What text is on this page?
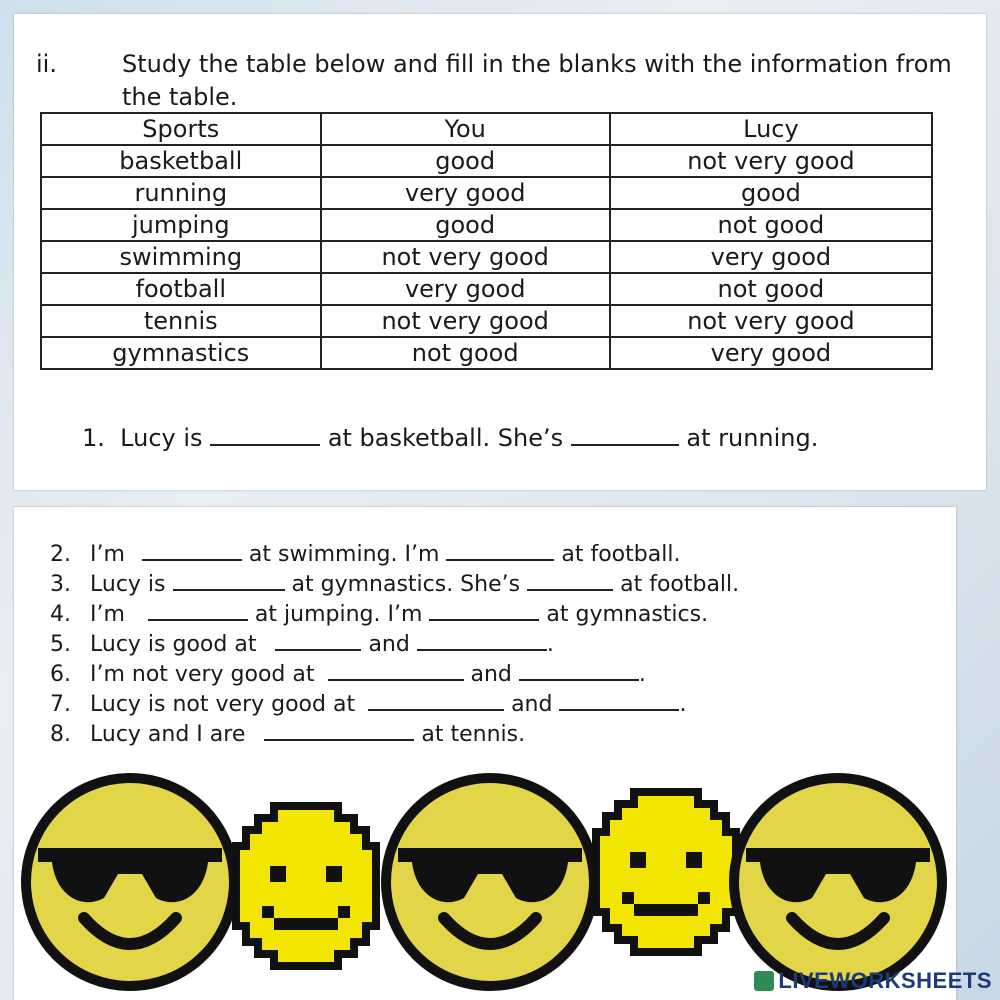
ii.	Study the table below and fill in the blanks with the information from the table.
Sports	You	Lucy
basketball	good	not very good
running	very good	good
jumping	good	not good
swimming	not very good	very good
football	very good	not good
tennis	not very good	not very good
gymnastics	not good	very good
1. Lucy is	at basketball. She’s	at running.
2. I’m	at swimming. I’m	at football.
3. Lucy is	at gymnastics. She’s	at football.
4. I’m	at jumping. I’m	at gymnastics.
5. Lucy is good at	and	.
6. I’m not very good at	and	.
7. Lucy is not very good at	and	.
8. Lucy and I are	at tennis.
LIVEWORKSHEETS
